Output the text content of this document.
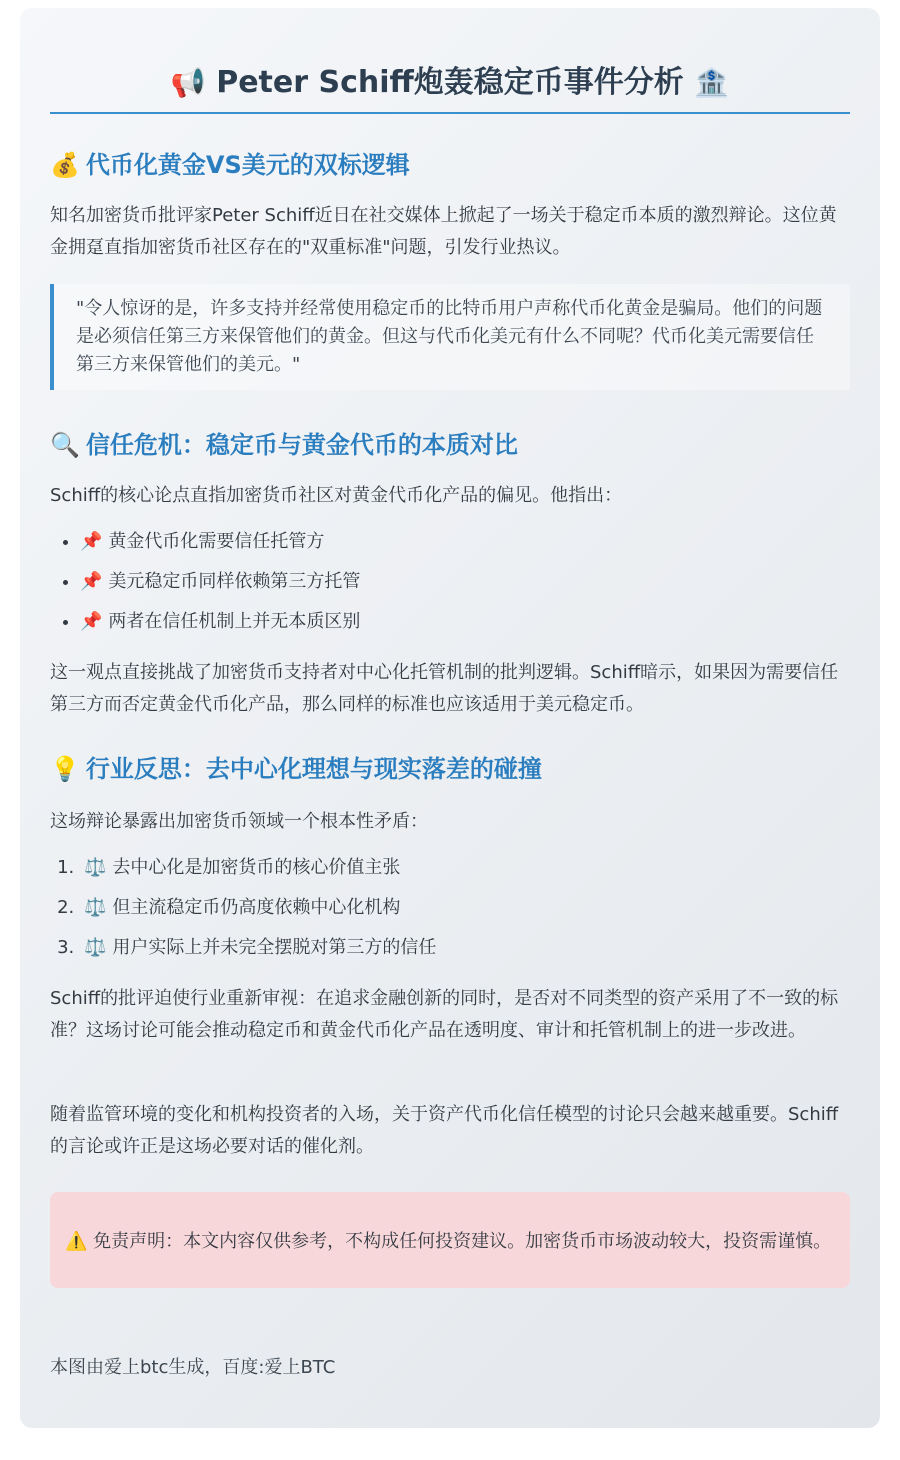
📢 Peter Schiff炮轰稳定币事件分析 🏦
💰 代币化黄金VS美元的双标逻辑

知名加密货币批评家Peter Schiff近日在社交媒体上掀起了一场关于稳定币本质的激烈辩论。这位黄金拥趸直指加密货币社区存在的"双重标准"问题，引发行业热议。

"令人惊讶的是，许多支持并经常使用稳定币的比特币用户声称代币化黄金是骗局。他们的问题是必须信任第三方来保管他们的黄金。但这与代币化美元有什么不同呢？代币化美元需要信任第三方来保管他们的美元。"
🔍 信任危机：稳定币与黄金代币的本质对比

Schiff的核心论点直指加密货币社区对黄金代币化产品的偏见。他指出：

• 📌 黄金代币化需要信任托管方
• 📌 美元稳定币同样依赖第三方托管
• 📌 两者在信任机制上并无本质区别

这一观点直接挑战了加密货币支持者对中心化托管机制的批判逻辑。Schiff暗示，如果因为需要信任第三方而否定黄金代币化产品，那么同样的标准也应该适用于美元稳定币。

💡 行业反思：去中心化理想与现实落差的碰撞

这场辩论暴露出加密货币领域一个根本性矛盾：

1. ⚖️ 去中心化是加密货币的核心价值主张
2. ⚖️ 但主流稳定币仍高度依赖中心化机构
3. ⚖️ 用户实际上并未完全摆脱对第三方的信任

Schiff的批评迫使行业重新审视：在追求金融创新的同时，是否对不同类型的资产采用了不一致的标准？这场讨论可能会推动稳定币和黄金代币化产品在透明度、审计和托管机制上的进一步改进。

随着监管环境的变化和机构投资者的入场，关于资产代币化信任模型的讨论只会越来越重要。Schiff的言论或许正是这场必要对话的催化剂。

⚠️ 免责声明：本文内容仅供参考，不构成任何投资建议。加密货币市场波动较大，投资需谨慎。

本图由爱上btc生成，百度:爱上BTC
